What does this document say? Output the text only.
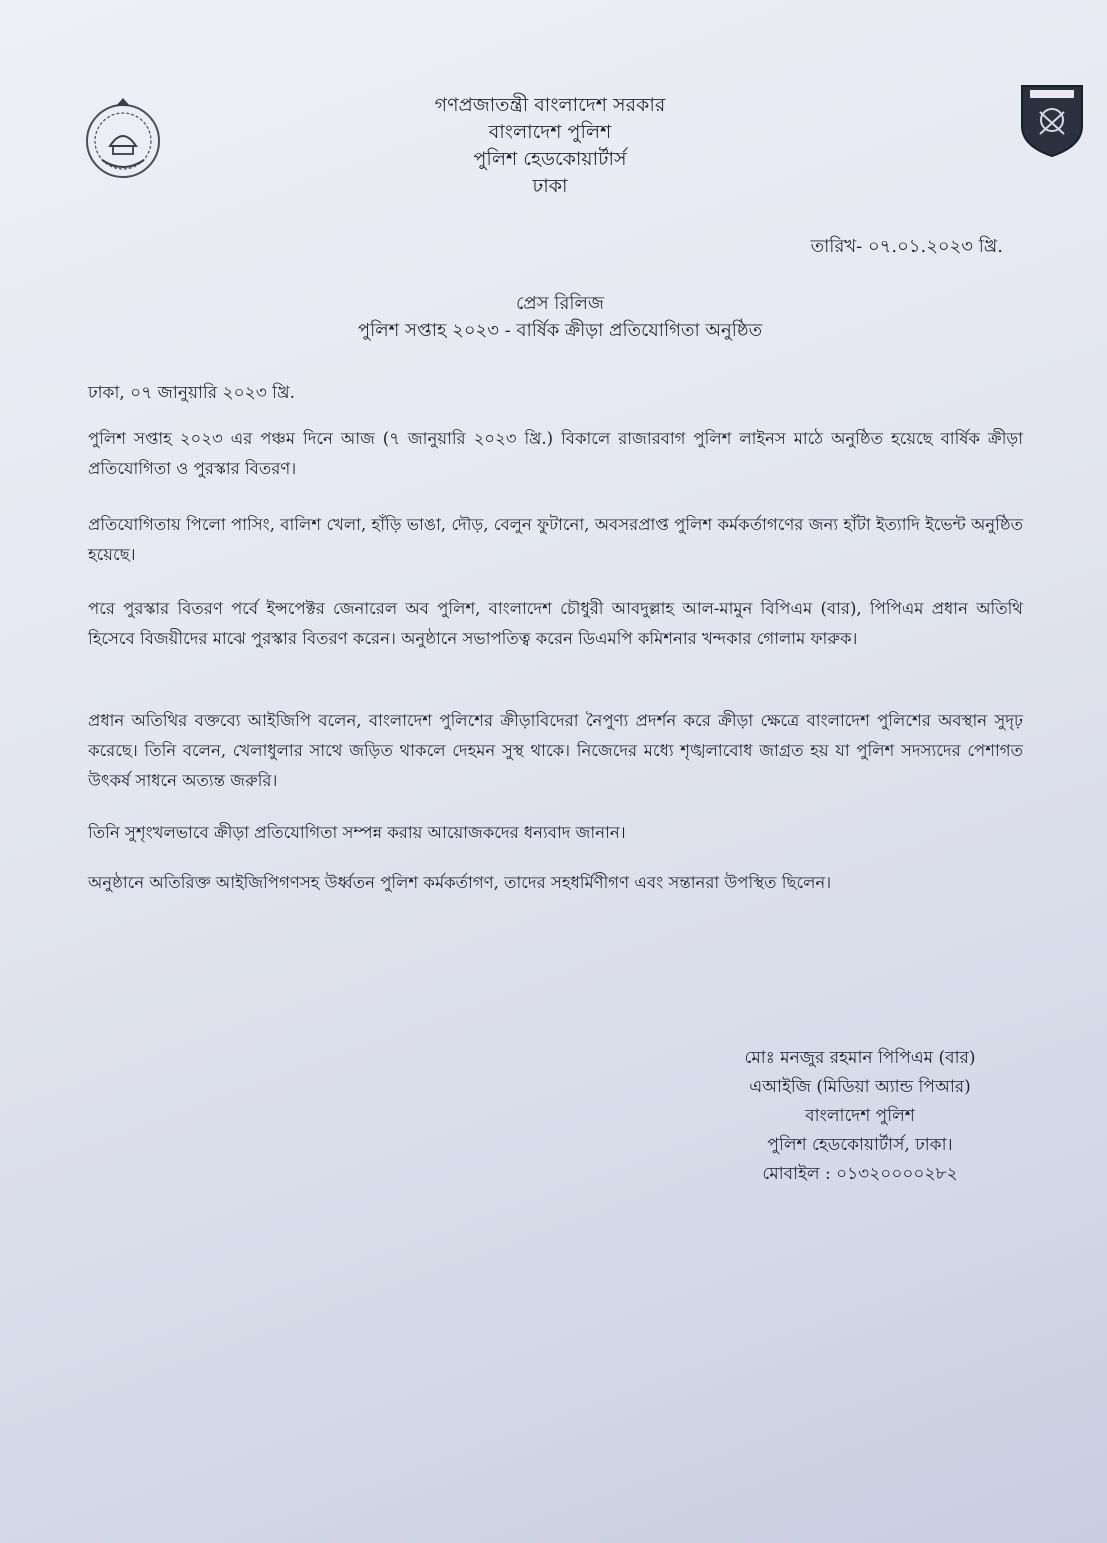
গণপ্রজাতন্ত্রী বাংলাদেশ সরকার
বাংলাদেশ পুলিশ
পুলিশ হেডকোয়ার্টার্স
ঢাকা
তারিখ- ০৭.০১.২০২৩ খ্রি.
প্রেস রিলিজ
পুলিশ সপ্তাহ ২০২৩ - বার্ষিক ক্রীড়া প্রতিযোগিতা অনুষ্ঠিত
ঢাকা, ০৭ জানুয়ারি ২০২৩ খ্রি.
পুলিশ সপ্তাহ ২০২৩ এর পঞ্চম দিনে আজ (৭ জানুয়ারি ২০২৩ খ্রি.) বিকালে রাজারবাগ পুলিশ লাইনস মাঠে অনুষ্ঠিত হয়েছে বার্ষিক ক্রীড়া প্রতিযোগিতা ও পুরস্কার বিতরণ।
প্রতিযোগিতায় পিলো পাসিং, বালিশ খেলা, হাঁড়ি ভাঙা, দৌড়, বেলুন ফুটানো, অবসরপ্রাপ্ত পুলিশ কর্মকর্তাগণের জন্য হাঁটা ইত্যাদি ইভেন্ট অনুষ্ঠিত হয়েছে।
পরে পুরস্কার বিতরণ পর্বে ইন্সপেক্টর জেনারেল অব পুলিশ, বাংলাদেশ চৌধুরী আবদুল্লাহ আল-মামুন বিপিএম (বার), পিপিএম প্রধান অতিথি হিসেবে বিজয়ীদের মাঝে পুরস্কার বিতরণ করেন। অনুষ্ঠানে সভাপতিত্ব করেন ডিএমপি কমিশনার খন্দকার গোলাম ফারুক।
প্রধান অতিথির বক্তব্যে আইজিপি বলেন, বাংলাদেশ পুলিশের ক্রীড়াবিদেরা নৈপুণ্য প্রদর্শন করে ক্রীড়া ক্ষেত্রে বাংলাদেশ পুলিশের অবস্থান সুদৃঢ় করেছে। তিনি বলেন, খেলাধুলার সাথে জড়িত থাকলে দেহমন সুস্থ থাকে। নিজেদের মধ্যে শৃঙ্খলাবোধ জাগ্রত হয় যা পুলিশ সদস্যদের পেশাগত উৎকর্ষ সাধনে অত্যন্ত জরুরি।
তিনি সুশৃংখলভাবে ক্রীড়া প্রতিযোগিতা সম্পন্ন করায় আয়োজকদের ধন্যবাদ জানান।
অনুষ্ঠানে অতিরিক্ত আইজিপিগণসহ উর্ধ্বতন পুলিশ কর্মকর্তাগণ, তাদের সহধর্মিণীগণ এবং সন্তানরা উপস্থিত ছিলেন।
মোঃ মনজুর রহমান পিপিএম (বার)
এআইজি (মিডিয়া অ্যান্ড পিআর)
বাংলাদেশ পুলিশ
পুলিশ হেডকোয়ার্টার্স, ঢাকা।
মোবাইল : ০১৩২০০০০২৮২
